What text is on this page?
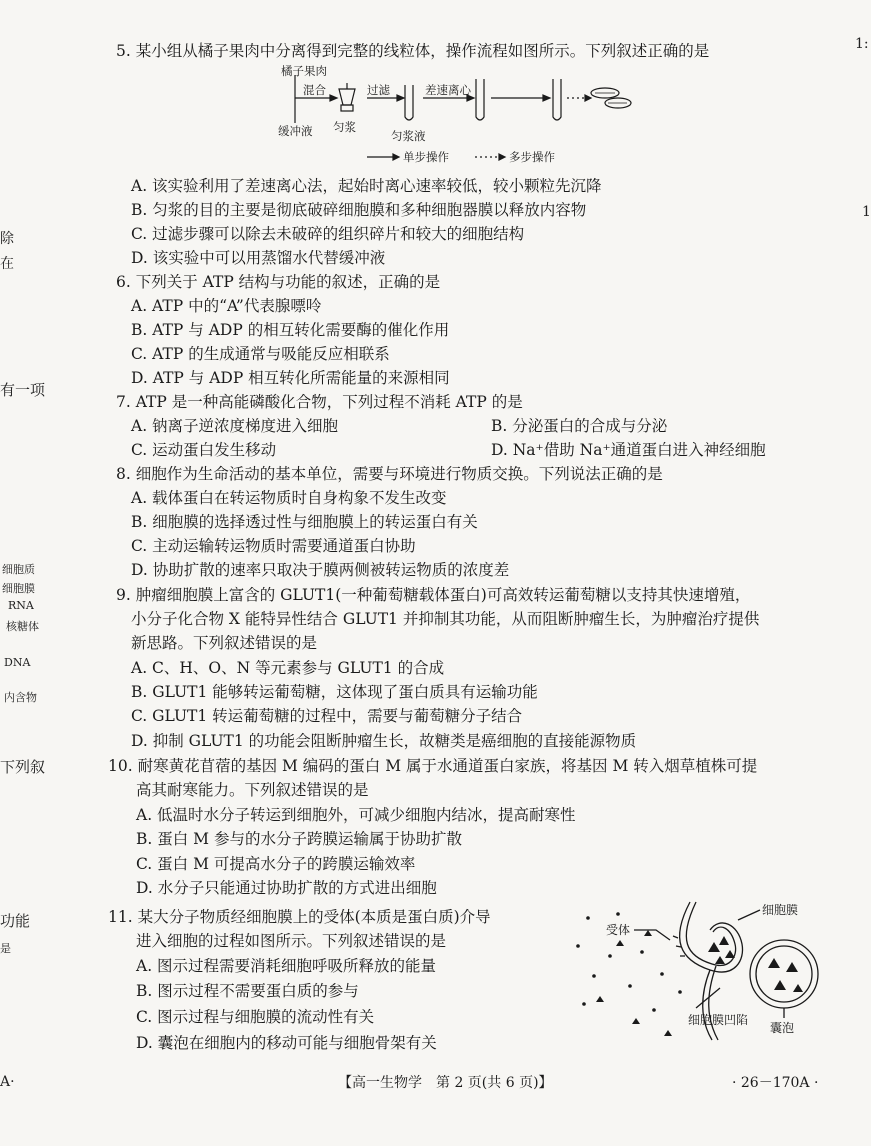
除
在
有一项
细胞质
细胞膜
RNA
核糖体
DNA
内含物
下列叙
功能
是
A·
1:
1
5. 某小组从橘子果肉中分离得到完整的线粒体，操作流程如图所示。下列叙述正确的是
橘子果肉
混合	过滤	差速离心
缓冲液 匀浆
匀浆液
单步操作	多步操作
A. 该实验利用了差速离心法，起始时离心速率较低，较小颗粒先沉降
B. 匀浆的目的主要是彻底破碎细胞膜和多种细胞器膜以释放内容物
C. 过滤步骤可以除去未破碎的组织碎片和较大的细胞结构
D. 该实验中可以用蒸馏水代替缓冲液
6. 下列关于 ATP 结构与功能的叙述，正确的是
A. ATP 中的“A”代表腺嘌呤
B. ATP 与 ADP 的相互转化需要酶的催化作用
C. ATP 的生成通常与吸能反应相联系
D. ATP 与 ADP 相互转化所需能量的来源相同
7. ATP 是一种高能磷酸化合物，下列过程不消耗 ATP 的是
A. 钠离子逆浓度梯度进入细胞	B. 分泌蛋白的合成与分泌
C. 运动蛋白发生移动	D. Na⁺借助 Na⁺通道蛋白进入神经细胞
8. 细胞作为生命活动的基本单位，需要与环境进行物质交换。下列说法正确的是
A. 载体蛋白在转运物质时自身构象不发生改变
B. 细胞膜的选择透过性与细胞膜上的转运蛋白有关
C. 主动运输转运物质时需要通道蛋白协助
D. 协助扩散的速率只取决于膜两侧被转运物质的浓度差
9. 肿瘤细胞膜上富含的 GLUT1(一种葡萄糖载体蛋白)可高效转运葡萄糖以支持其快速增殖，
小分子化合物 X 能特异性结合 GLUT1 并抑制其功能，从而阻断肿瘤生长，为肿瘤治疗提供
新思路。下列叙述错误的是
A. C、H、O、N 等元素参与 GLUT1 的合成
B. GLUT1 能够转运葡萄糖，这体现了蛋白质具有运输功能
C. GLUT1 转运葡萄糖的过程中，需要与葡萄糖分子结合
D. 抑制 GLUT1 的功能会阻断肿瘤生长，故糖类是癌细胞的直接能源物质
10. 耐寒黄花苜蓿的基因 M 编码的蛋白 M 属于水通道蛋白家族，将基因 M 转入烟草植株可提
高其耐寒能力。下列叙述错误的是
A. 低温时水分子转运到细胞外，可减少细胞内结冰，提高耐寒性
B. 蛋白 M 参与的水分子跨膜运输属于协助扩散
C. 蛋白 M 可提高水分子的跨膜运输效率
D. 水分子只能通过协助扩散的方式进出细胞
11. 某大分子物质经细胞膜上的受体(本质是蛋白质)介导
进入细胞的过程如图所示。下列叙述错误的是
A. 图示过程需要消耗细胞呼吸所释放的能量
B. 图示过程不需要蛋白质的参与
C. 图示过程与细胞膜的流动性有关
D. 囊泡在细胞内的移动可能与细胞骨架有关
受体
细胞膜
细胞膜凹陷
囊泡
【高一生物学　第 2 页(共 6 页)】	· 26－170A ·
